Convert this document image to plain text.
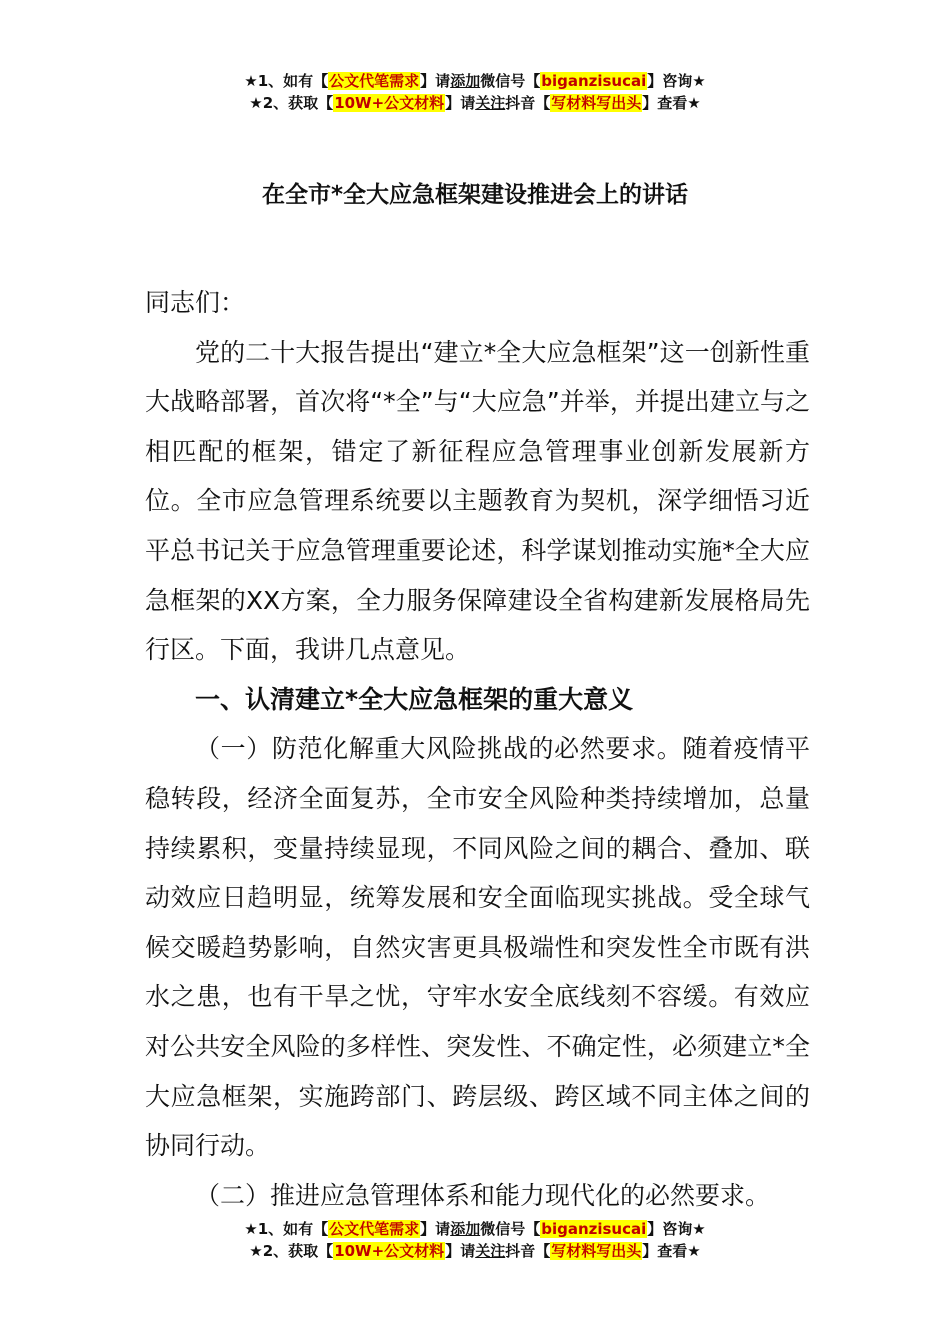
★1、如有【公文代笔需求】请添加微信号【biganzisucai】咨询★
★2、获取【10W+公文材料】请关注抖音【写材料写出头】查看★
在全市*全大应急框架建设推进会上的讲话

同志们：

党的二十大报告提出“建立*全大应急框架”这一创新性重大战略部署，首次将“*全”与“大应急”并举，并提出建立与之相匹配的框架，错定了新征程应急管理事业创新发展新方位。全市应急管理系统要以主题教育为契机，深学细悟习近平总书记关于应急管理重要论述，科学谋划推动实施*全大应急框架的XX方案，全力服务保障建设全省构建新发展格局先行区。下面，我讲几点意见。

一、认清建立*全大应急框架的重大意义

（一）防范化解重大风险挑战的必然要求。随着疫情平稳转段，经济全面复苏，全市安全风险种类持续增加，总量持续累积，变量持续显现，不同风险之间的耦合、叠加、联动效应日趋明显，统筹发展和安全面临现实挑战。受全球气候交暖趋势影响，自然灾害更具极端性和突发性全市既有洪水之患，也有干旱之忧，守牢水安全底线刻不容缓。有效应对公共安全风险的多样性、突发性、不确定性，必须建立*全大应急框架，实施跨部门、跨层级、跨区域不同主体之间的协同行动。

（二）推进应急管理体系和能力现代化的必然要求。

★1、如有【公文代笔需求】请添加微信号【biganzisucai】咨询★
★2、获取【10W+公文材料】请关注抖音【写材料写出头】查看★
